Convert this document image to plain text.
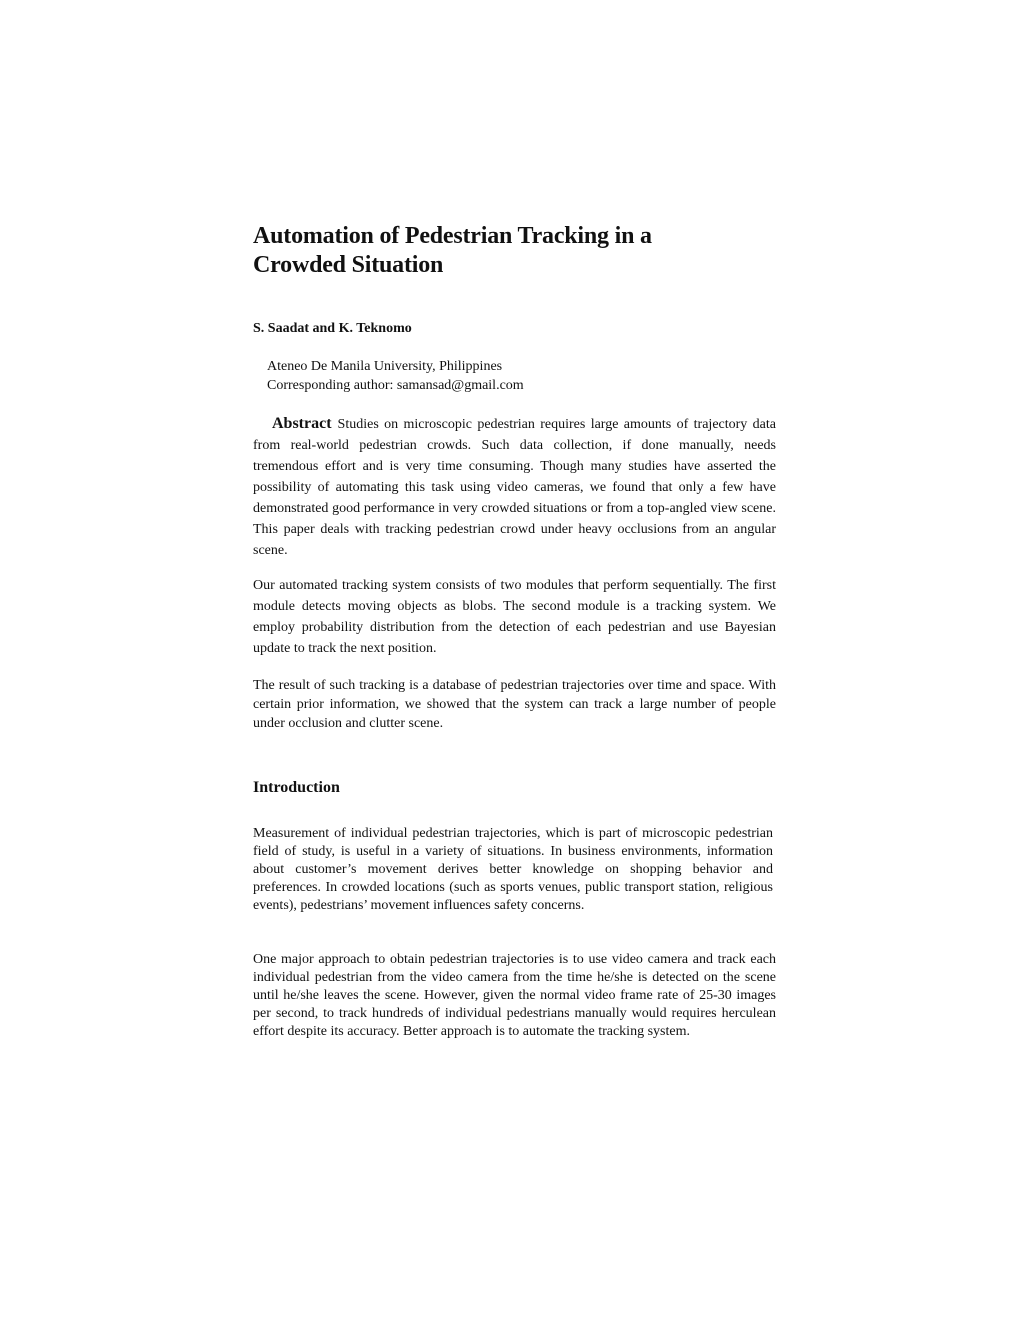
Automation of Pedestrian Tracking in a
Crowded Situation

S. Saadat and K. Teknomo

Ateneo De Manila University, Philippines
Corresponding author: samansad@gmail.com

Abstract Studies on microscopic pedestrian requires large amounts of trajectory data from real-world pedestrian crowds. Such data collection, if done manually, needs tremendous effort and is very time consuming. Though many studies have asserted the possibility of automating this task using video cameras, we found that only a few have demonstrated good performance in very crowded situations or from a top-angled view scene. This paper deals with tracking pedestrian crowd under heavy occlusions from an angular scene.

Our automated tracking system consists of two modules that perform sequentially. The first module detects moving objects as blobs. The second module is a tracking system. We employ probability distribution from the detection of each pedestrian and use Bayesian update to track the next position.

The result of such tracking is a database of pedestrian trajectories over time and space. With certain prior information, we showed that the system can track a large number of people under occlusion and clutter scene.

Introduction

Measurement of individual pedestrian trajectories, which is part of microscopic pedestrian field of study, is useful in a variety of situations. In business environments, information about customer’s movement derives better knowledge on shopping behavior and preferences. In crowded locations (such as sports venues, public transport station, religious events), pedestrians’ movement influences safety concerns.

One major approach to obtain pedestrian trajectories is to use video camera and track each individual pedestrian from the video camera from the time he/she is detected on the scene until he/she leaves the scene. However, given the normal video frame rate of 25-30 images per second, to track hundreds of individual pedestrians manually would requires herculean effort despite its accuracy. Better approach is to automate the tracking system.
